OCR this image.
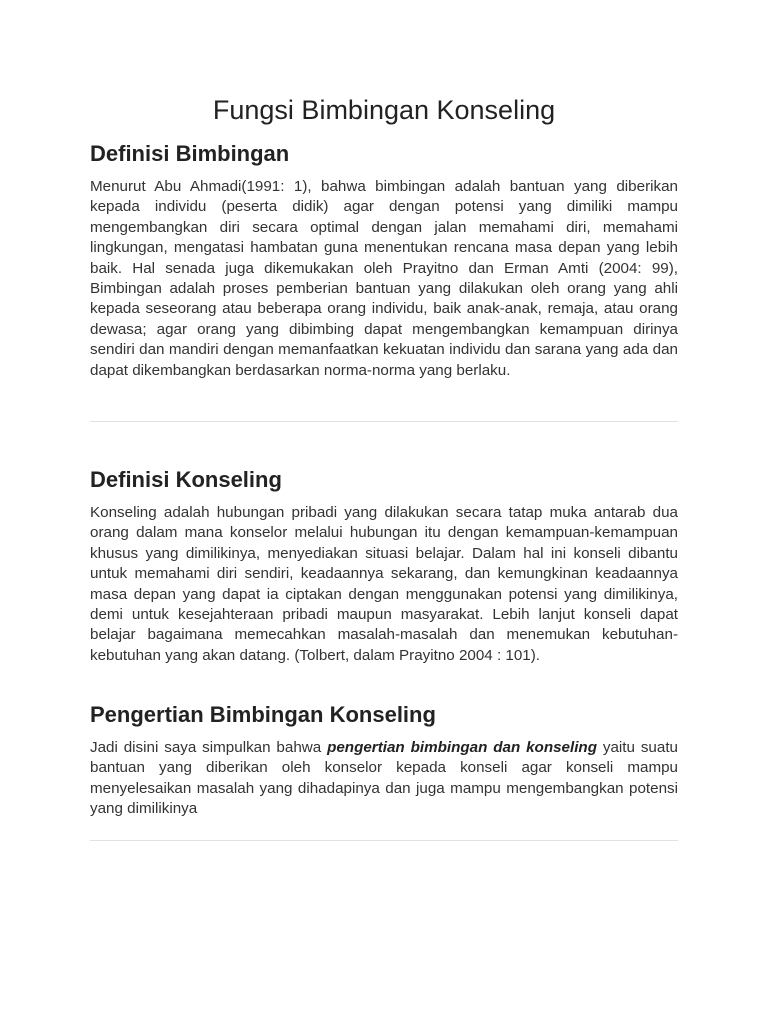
Fungsi Bimbingan Konseling
Definisi Bimbingan

Menurut Abu Ahmadi(1991: 1), bahwa bimbingan adalah bantuan yang diberikan kepada individu (peserta didik) agar dengan potensi yang dimiliki mampu mengembangkan diri secara optimal dengan jalan memahami diri, memahami lingkungan, mengatasi hambatan guna menentukan rencana masa depan yang lebih baik. Hal senada juga dikemukakan oleh Prayitno dan Erman Amti (2004: 99), Bimbingan adalah proses pemberian bantuan yang dilakukan oleh orang yang ahli kepada seseorang atau beberapa orang individu, baik anak-anak, remaja, atau orang dewasa; agar orang yang dibimbing dapat mengembangkan kemampuan dirinya sendiri dan mandiri dengan memanfaatkan kekuatan individu dan sarana yang ada dan dapat dikembangkan berdasarkan norma-norma yang berlaku.

Definisi Konseling

Konseling adalah hubungan pribadi yang dilakukan secara tatap muka antarab dua orang dalam mana konselor melalui hubungan itu dengan kemampuan-kemampuan khusus yang dimilikinya, menyediakan situasi belajar. Dalam hal ini konseli dibantu untuk memahami diri sendiri, keadaannya sekarang, dan kemungkinan keadaannya masa depan yang dapat ia ciptakan dengan menggunakan potensi yang dimilikinya, demi untuk kesejahteraan pribadi maupun masyarakat. Lebih lanjut konseli dapat belajar bagaimana memecahkan masalah-masalah dan menemukan kebutuhan-kebutuhan yang akan datang. (Tolbert, dalam Prayitno 2004 : 101).

Pengertian Bimbingan Konseling

Jadi disini saya simpulkan bahwa pengertian bimbingan dan konseling yaitu suatu bantuan yang diberikan oleh konselor kepada konseli agar konseli mampu menyelesaikan masalah yang dihadapinya dan juga mampu mengembangkan potensi yang dimilikinya
